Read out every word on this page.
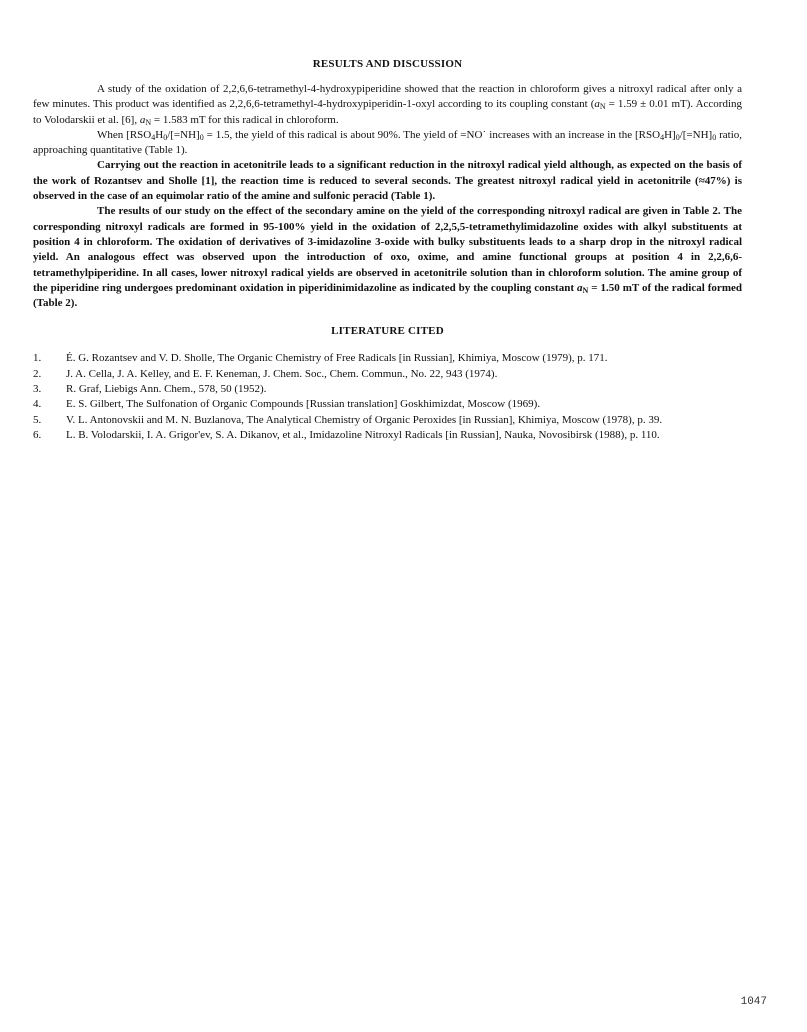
RESULTS AND DISCUSSION

A study of the oxidation of 2,2,6,6-tetramethyl-4-hydroxypiperidine showed that the reaction in chloroform gives a nitroxyl radical after only a few minutes. This product was identified as 2,2,6,6-tetramethyl-4-hydroxypiperidin-1-oxyl according to its coupling constant ($a_N = 1.59 \pm 0.01$ mT). According to Volodarskii et al. [6], $a_N = 1.583$ mT for this radical in chloroform.

When [$RSO_4H_0/[=NH]_0 = 1.5$, the yield of this radical is about 90%. The yield of =NO˙ increases with an increase in the $[RSO_4H]_0/[=NH]_0$ ratio, approaching quantitative (Table 1).

Carrying out the reaction in acetonitrile leads to a significant reduction in the nitroxyl radical yield although, as expected on the basis of the work of Rozantsev and Sholle [1], the reaction time is reduced to several seconds. The greatest nitroxyl radical yield in acetonitrile (≈47%) is observed in the case of an equimolar ratio of the amine and sulfonic peracid (Table 1).

The results of our study on the effect of the secondary amine on the yield of the corresponding nitroxyl radical are given in Table 2. The corresponding nitroxyl radicals are formed in 95-100% yield in the oxidation of 2,2,5,5-tetramethylimidazoline oxides with alkyl substituents at position 4 in chloroform. The oxidation of derivatives of 3-imidazoline 3-oxide with bulky substituents leads to a sharp drop in the nitroxyl radical yield. An analogous effect was observed upon the introduction of oxo, oxime, and amine functional groups at position 4 in 2,2,6,6-tetramethylpiperidine. In all cases, lower nitroxyl radical yields are observed in acetonitrile solution than in chloroform solution. The amine group of the piperidine ring undergoes predominant oxidation in piperidinimidazoline as indicated by the coupling constant $a_N = 1.50$ mT of the radical formed (Table 2).

LITERATURE CITED
1.	É. G. Rozantsev and V. D. Sholle, The Organic Chemistry of Free Radicals [in Russian], Khimiya, Moscow (1979), p. 171.
2.	J. A. Cella, J. A. Kelley, and E. F. Keneman, J. Chem. Soc., Chem. Commun., No. 22, 943 (1974).
3.	R. Graf, Liebigs Ann. Chem., 578, 50 (1952).
4.	E. S. Gilbert, The Sulfonation of Organic Compounds [Russian translation] Goskhimizdat, Moscow (1969).
5.	V. L. Antonovskii and M. N. Buzlanova, The Analytical Chemistry of Organic Peroxides [in Russian], Khimiya, Moscow (1978), p. 39.
6.	L. B. Volodarskii, I. A. Grigor'ev, S. A. Dikanov, et al., Imidazoline Nitroxyl Radicals [in Russian], Nauka, Novosibirsk (1988), p. 110.
1047
